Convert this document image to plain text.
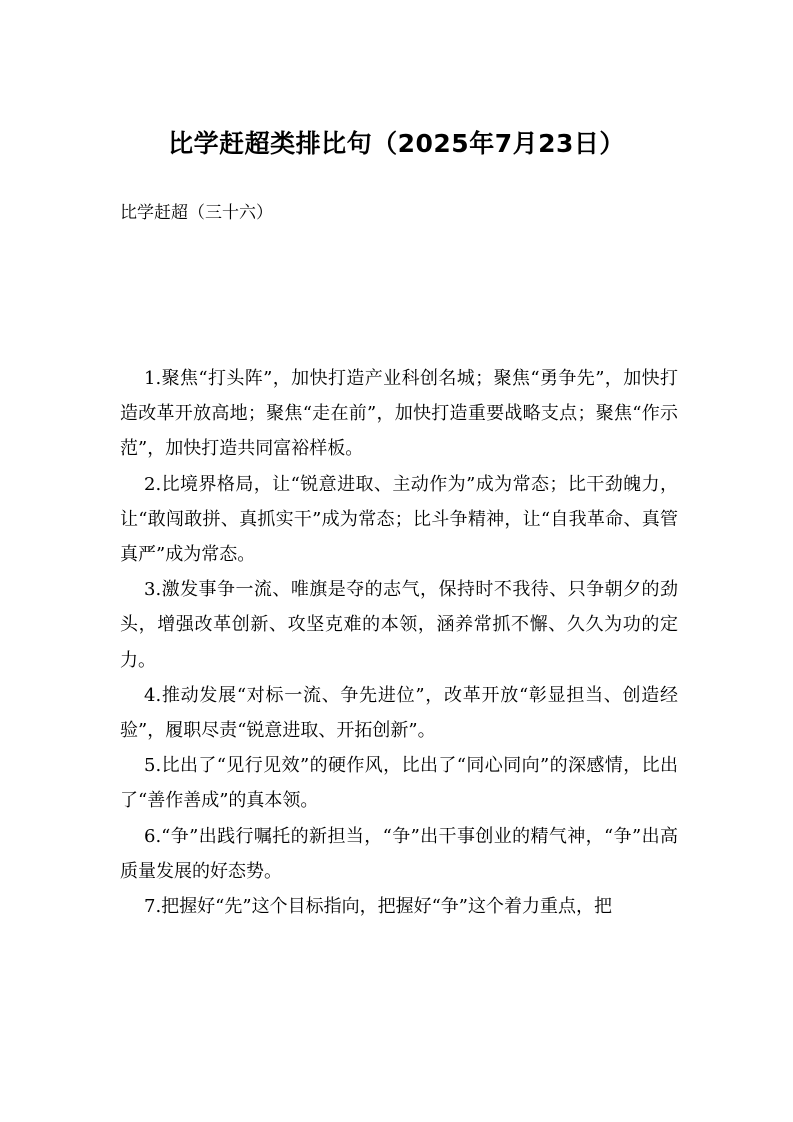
比学赶超类排比句（2025年7月23日）
比学赶超（三十六）

1.聚焦“打头阵”，加快打造产业科创名城；聚焦“勇争先”，加快打造改革开放高地；聚焦“走在前”，加快打造重要战略支点；聚焦“作示范”，加快打造共同富裕样板。

2.比境界格局，让“锐意进取、主动作为”成为常态；比干劲魄力，让“敢闯敢拼、真抓实干”成为常态；比斗争精神，让“自我革命、真管真严”成为常态。

3.激发事争一流、唯旗是夺的志气，保持时不我待、只争朝夕的劲头，增强改革创新、攻坚克难的本领，涵养常抓不懈、久久为功的定力。

4.推动发展“对标一流、争先进位”，改革开放“彰显担当、创造经验”，履职尽责“锐意进取、开拓创新”。

5.比出了“见行见效”的硬作风，比出了“同心同向”的深感情，比出了“善作善成”的真本领。

6.“争”出践行嘱托的新担当，“争”出干事创业的精气神，“争”出高质量发展的好态势。

7.把握好“先”这个目标指向，把握好“争”这个着力重点，把
